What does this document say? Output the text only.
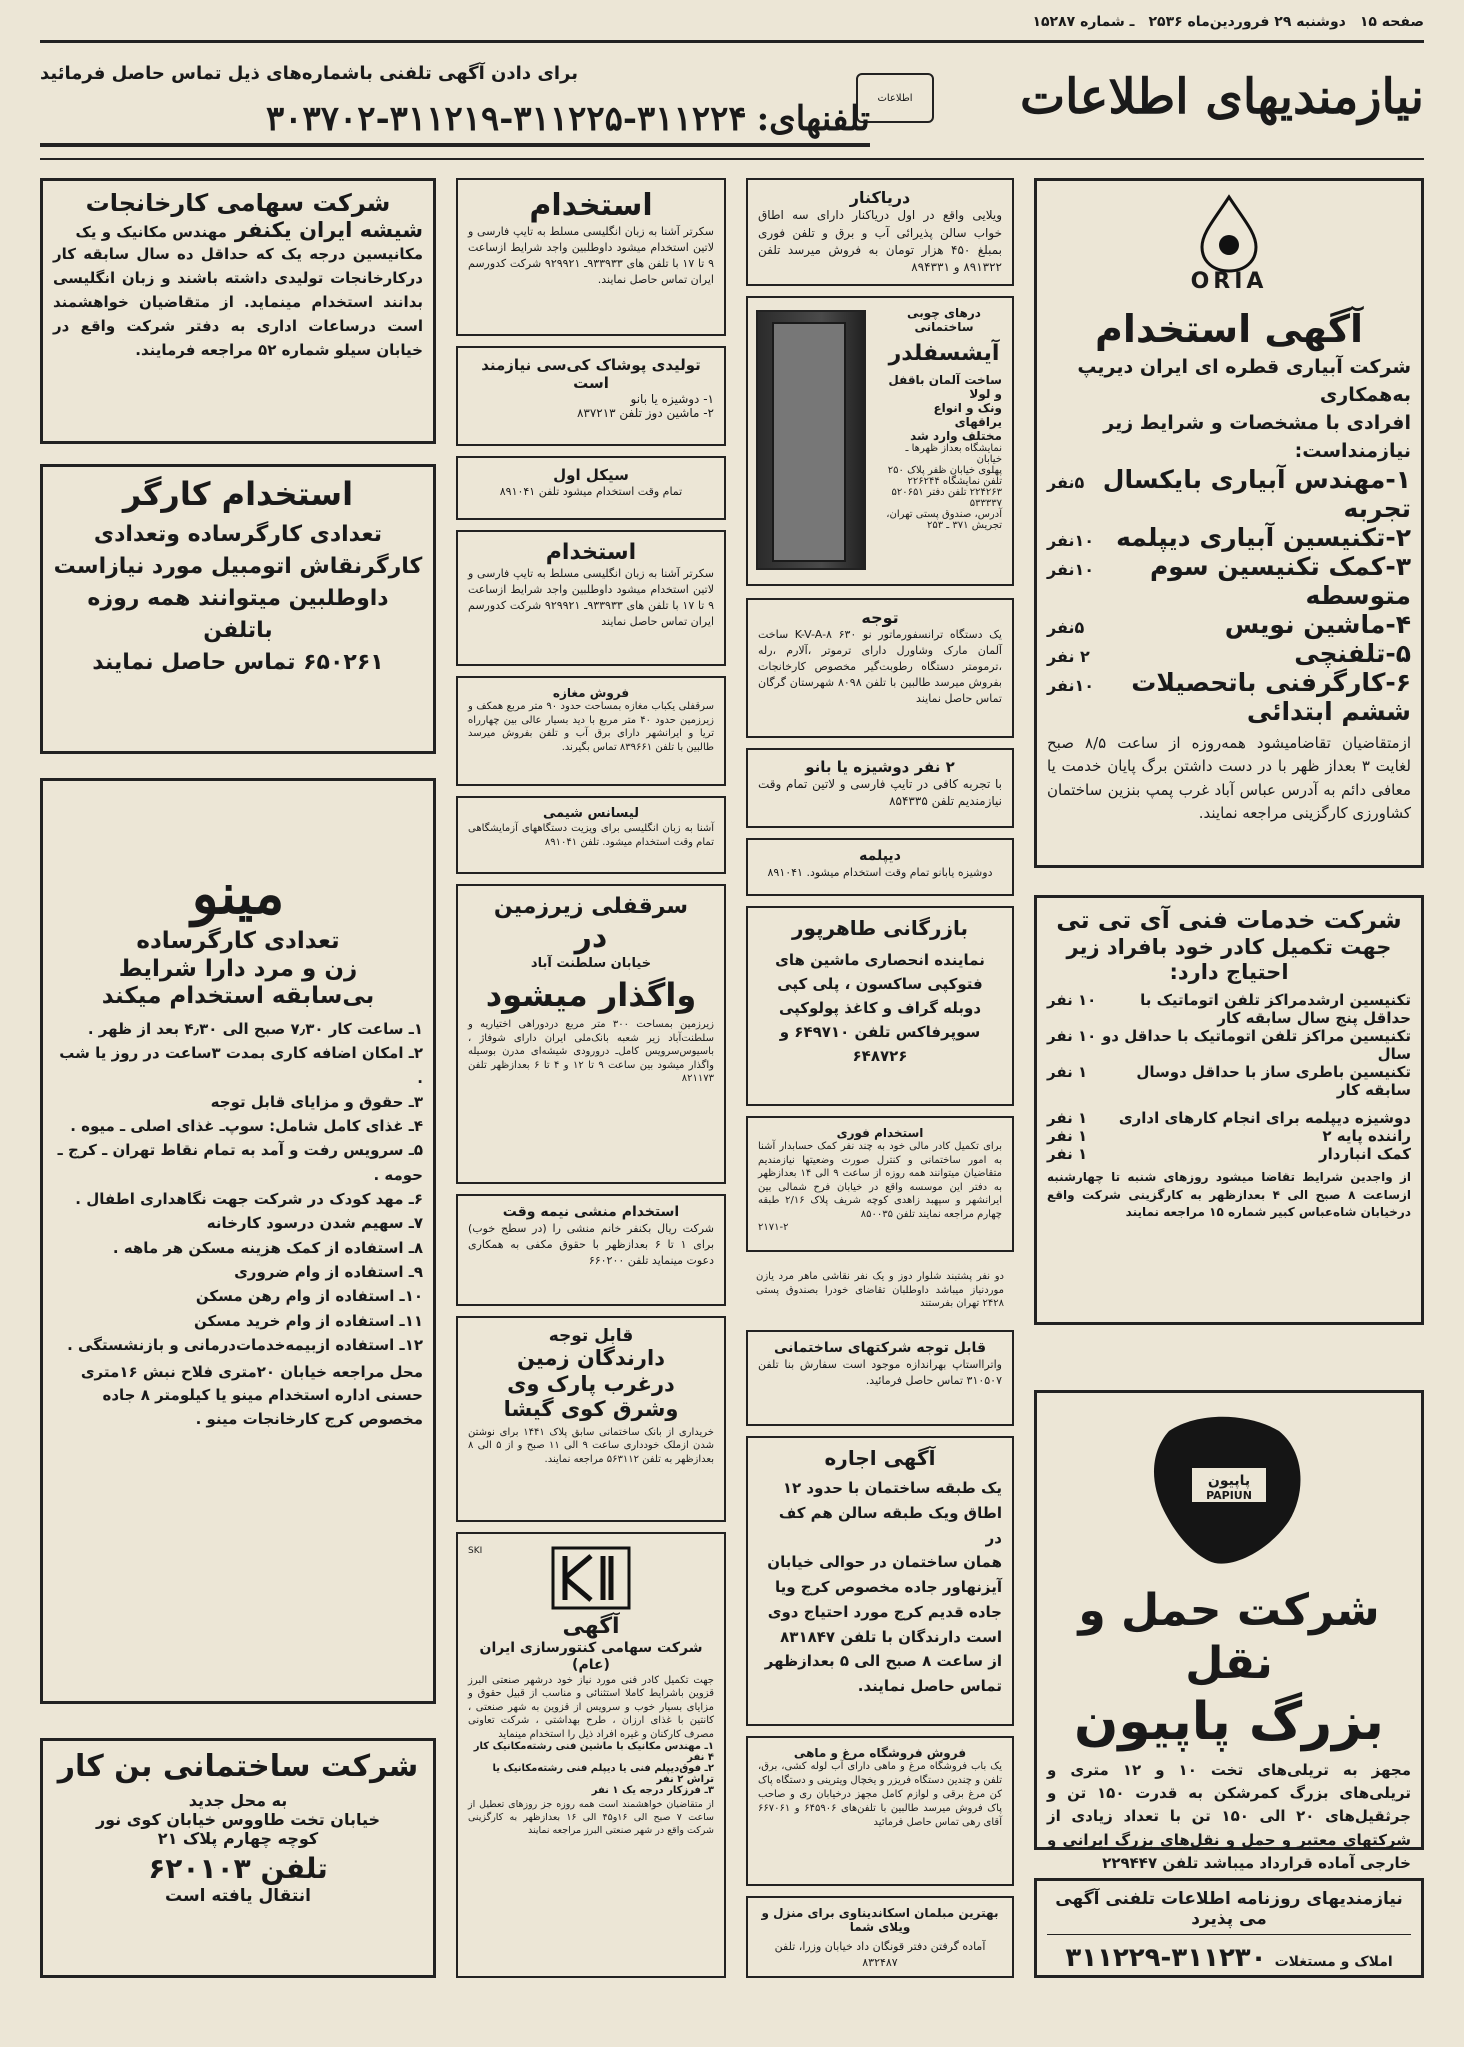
صفحه ۱۵
دوشنبه ۲۹ فروردین‌ماه ۲۵۳۶
ـ شماره ۱۵۲۸۷
نیازمندیهای اطلاعات
اطلاعات
برای دادن آگهی تلفنی باشماره‌های ذیل تماس حاصل فرمائید
تلفنهای:
۳۰۳۷۰۲-۳۱۱۲۱۹-۳۱۱۲۲۵-۳۱۱۲۲۴
ORIA
آگهی استخدام
شرکت آبیاری قطره ای ایران دیریپ به‌همکاری
افرادی با مشخصات و شرایط زیر نیازمنداست:
۱-مهندس آبیاری بایکسال تجربه
۵نفر
۲-تکنیسین آبیاری دیپلمه
۱۰نفر
۳-کمک تکنیسین سوم متوسطه
۱۰نفر
۴-ماشین نویس
۵نفر
۵-تلفنچی
۲ نفر
۶-کارگرفنی باتحصیلات ششم ابتدائی
۱۰نفر
ازمتقاضیان تقاضامیشود همه‌روزه از ساعت ۸/۵ صبح لغایت ۳ بعداز ظهر با در دست داشتن برگ پایان خدمت یا معافی دائم به آدرس عباس آباد غرب پمپ بنزین ساختمان کشاورزی کارگزینی مراجعه نمایند.
شرکت خدمات فنی آی تی تی
جهت تکمیل کادر خود بافراد زیر
احتیاج دارد:
تکنیسین ارشدمراکز تلفن اتوماتیک با حداقل پنج سال سابقه کار
۱۰ نفر
تکنیسین مراکز تلفن اتوماتیک با حداقل دو سال
۱۰ نفر
تکنیسین باطری ساز با حداقل دوسال سابقه کار
۱ نفر
دوشیزه دیپلمه برای انجام کارهای اداری
۱ نفر
راننده پایه ۲
۱ نفر
کمک انباردار
۱ نفر
از واجدین شرایط تقاضا میشود روزهای شنبه تا چهارشنبه ازساعت ۸ صبح الی ۴ بعدازظهر به کارگزینی شرکت واقع درخیابان شاه‌عباس کبیر شماره ۱۵ مراجعه نمایند
پاپیون
PAPIUN
شرکت حمل و نقل
بزرگ پاپیون
مجهز به تریلی‌های تخت ۱۰ و ۱۲ متری و تریلی‌های بزرگ کمرشکن به قدرت ۱۵۰ تن و جرثقیل‌های ۲۰ الی ۱۵۰ تن با تعداد زیادی از شرکتهای معتبر و حمل و نقل‌های بزرگ ایرانی و خارجی آماده قرارداد میباشد تلفن ۲۲۹۴۴۷
نیازمندیهای روزنامه اطلاعات تلفنی آگهی می پذیرد
املاک و مستغلات
۳۱۱۲۲۹-۳۱۱۲۳۰
دریاکنار
ویلایی واقع در اول دریاکنار دارای سه اطاق خواب سالن پذیرائی آب و برق و تلفن فوری بمبلغ ۴۵۰ هزار تومان به فروش میرسد تلفن ۸۹۱۳۲۲ و ۸۹۴۳۳۱
درهای چوبی ساختمانی
آیشسفلدر
ساخت آلمان باقفل و لولا
ونک و انواع یراقهای
مختلف وارد شد
نمایشگاه بعداز ظهرها ـ خیابان
پهلوی خیابان ظفر پلاک ۲۵۰
تلفن نمایشگاه ۲۲۶۲۴۴
۲۲۴۲۶۳ تلفن دفتر ۵۲۰۶۵۱
۵۳۳۳۳۷
آدرس، صندوق پستی تهران،
تجریش ۳۷۱ ـ ۲۵۳
توجه
یک دستگاه ترانسفورماتور نو ۶۳۰ K-V-A-۸ ساخت آلمان مارک وشاورل دارای ترموتر ،آلارم ،رله ،ترمومتر دستگاه رطوبت‌گیر مخصوص کارخانجات بفروش میرسد طالبین با تلفن ۸۰۹۸ شهرستان گرگان تماس حاصل نمایند
۲ نفر دوشیزه یا بانو
با تجربه کافی در تایپ فارسی و لاتین تمام وقت نیازمندیم تلفن ۸۵۴۳۳۵
دیپلمه
دوشیزه یابانو تمام وقت استخدام میشود. ۸۹۱۰۴۱
بازرگانی طاهرپور
نماینده انحصاری ماشین های
فتوکپی ساکسون ، پلی کپی
دوبله گراف و کاغذ پولوکپی
سوپرفاکس تلفن ۶۴۹۷۱۰ و
۶۴۸۷۲۶
استخدام فوری
برای تکمیل کادر مالی خود به چند نفر کمک حسابدار آشنا به امور ساختمانی و کنترل صورت وضعیتها نیازمندیم متقاضیان میتوانند همه روزه از ساعت ۹ الی ۱۴ بعدازظهر به دفتر این موسسه واقع در خیابان فرح شمالی بین ایرانشهر و سپهبد زاهدی کوچه شریف پلاک ۲/۱۶ طبقه چهارم مراجعه نمایند تلفن ۸۵۰۰۳۵
۲۱۷۱-۲
دو نفر پشتبند شلوار دوز و یک نفر نقاشی ماهر مرد یازن موردنیاز میباشد داوطلبان تقاضای خودرا بصندوق پستی ۲۴۲۸ تهران بفرستند
قابل توجه شرکتهای ساختمانی
واترااستاپ بهراندازه موجود است سفارش بنا تلفن ۳۱۰۵۰۷ تماس حاصل فرمائید.
آگهی اجاره
یک طبقه ساختمان با حدود ۱۲
اطاق ویک طبقه سالن هم کف در
همان ساختمان در حوالی خیابان
آیزنهاور جاده مخصوص کرج ویا
جاده قدیم کرج مورد احتیاج دوی
است دارندگان با تلفن ۸۳۱۸۴۷
از ساعت ۸ صبح الی ۵ بعدازظهر
تماس حاصل نمایند.
فروش فروشگاه مرغ و ماهی
یک باب فروشگاه مرغ و ماهی دارای آب لوله کشی، برق، تلفن و چندین دستگاه فریزر و یخچال ویترینی و دستگاه پاک کن مرغ برقی و لوازم کامل مجهز درخیابان ری و صاحب پاک فروش میرسد طالبین با تلفن‌های ۶۴۵۹۰۶ و ۶۶۷۰۶۱ آقای رهی تماس حاصل فرمائید
بهترین مبلمان اسکاندیناوی برای منزل و ویلای شما
آماده گرفتن دفتر قونگان داد خیابان وزرا، تلفن ۸۳۲۴۸۷
استخدام
سکرتر آشنا به زبان انگلیسی مسلط به تایپ فارسی و لاتین استخدام میشود داوطلبین واجد شرایط ازساعت ۹ تا ۱۷ با تلفن های ۹۳۳۹۳۳ـ ۹۲۹۹۲۱ شرکت کدورسم ایران تماس حاصل نمایند.
تولیدی پوشاک کی‌سی نیازمند است
۱- دوشیزه یا بانو
۲- ماشین دوز تلفن ۸۳۷۲۱۳
سیکل اول
تمام وقت استخدام میشود تلفن ۸۹۱۰۴۱
استخدام
سکرتر آشنا به زبان انگلیسی مسلط به تایپ فارسی و لاتین استخدام میشود داوطلبین واجد شرایط ازساعت ۹ تا ۱۷ با تلفن های ۹۳۳۹۳۳ـ ۹۲۹۹۲۱ شرکت کدورسم ایران تماس حاصل نمایند
فروش مغازه
سرقفلی یکباب مغازه بمساحت حدود ۹۰ متر مربع همکف و زیرزمین حدود ۴۰ متر مربع با دید بسیار عالی بین چهارراه تریا و ایرانشهر دارای برق آب و تلفن بفروش میرسد طالبین با تلفن ۸۳۹۶۶۱ تماس بگیرند.
لیسانس شیمی
آشنا به زبان انگلیسی برای ویزیت دستگاههای آزمایشگاهی تمام وقت استخدام میشود. تلفن ۸۹۱۰۴۱
سرقفلی زیرزمین
در
خیابان سلطنت آباد
واگذار میشود
زیرزمین بمساحت ۳۰۰ متر مربع دردوراهی اختیاریه و سلطنت‌آباد زیر شعبه بانک‌ملی ایران دارای شوفاژ ، باسیوس‌سرویس کامل‌ـ درورودی شیشه‌ای مدرن بوسیله واگذار میشود بین ساعت ۹ تا ۱۲ و ۴ تا ۶ بعدازظهر تلفن ۸۲۱۱۷۳
استخدام منشی نیمه وقت
شرکت ریال بکنفر خانم منشی را (در سطح خوب) برای ۱ تا ۶ بعدازظهر با حقوق مکفی به همکاری دعوت مینماید تلفن ۶۶۰۲۰۰
قابل توجه
دارندگان زمین
درغرب پارک وی
وشرق کوی گیشا
خریداری از بانک ساختمانی سابق پلاک ۱۴۴۱ برای نوشتن شدن ازملک خودداری ساعت ۹ الی ۱۱ صبح و از ۵ الی ۸ بعدازظهر به تلفن ۵۶۳۱۱۲ مراجعه نمایند.
SKI
آگهی
شرکت سهامی کنتورسازی ایران (عام)
جهت تکمیل کادر فنی مورد نیاز خود درشهر صنعتی البرز قزوین باشرایط کاملا استثنائی و مناسب از قبیل حقوق و مزایای بسیار خوب و سرویس از قزوین به شهر صنعتی ، کانتین با غذای ارزان ، طرح بهداشتی ، شرکت تعاونی مصرف کارکنان و غیره افراد ذیل را استخدام مینماید
۱ـ مهندس مکانیک با ماشین فنی رشته‌مکانیک کار ۴ نفر
۲ـ فوق‌دیپلم فنی یا دیپلم فنی رشته‌مکانیک یا تراش ۲ نفر
۳ـ فرزکار درجه یک ۱ نفر
از متقاضیان خواهشمند است همه روزه جز روزهای تعطیل از ساعت ۷ صبح الی ۱۶و۴۵ الی ۱۶ بعدازظهر به کارگزینی شرکت واقع در شهر صنعتی البرز مراجعه نمایند
شرکت سهامی کارخانجات
شیشه ایران یکنفر
مهندس مکانیک و یک
مکانیسین درجه یک که حداقل ده سال سابقه کار درکارخانجات تولیدی داشته باشند و زبان انگلیسی بدانند استخدام مینماید. از متقاضیان خواهشمند است درساعات اداری به دفتر شرکت واقع در خیابان سیلو شماره ۵۲ مراجعه فرمایند.
استخدام کارگر
تعدادی کارگرساده وتعدادی
کارگرنقاش اتومبیل مورد نیازاست
داوطلبین میتوانند همه روزه باتلفن
۶۵۰۲۶۱ تماس حاصل نمایند
مینو
تعدادی کارگرساده
زن و مرد دارا شرایط
بی‌سابقه استخدام میکند
۱ـ ساعت کار ۷٫۳۰ صبح الی ۴٫۳۰ بعد از ظهر .
۲ـ امکان اضافه کاری بمدت ۳ساعت در روز یا شب .
۳ـ حقوق و مزایای قابل توجه
۴ـ غذای کامل شامل: سوپ‌ـ غذای اصلی ـ میوه .
۵ـ سرویس رفت و آمد به تمام نقاط تهران ـ کرج ـ حومه .
۶ـ مهد کودک در شرکت جهت نگاهداری اطفال .
۷ـ سهیم شدن درسود کارخانه
۸ـ استفاده از کمک هزینه مسکن هر ماهه .
۹ـ استفاده از وام ضروری
۱۰ـ استفاده از وام رهن مسکن
۱۱ـ استفاده از وام خرید مسکن
۱۲ـ استفاده ازبیمه‌خدمات‌درمانی و بازنشستگی .
محل مراجعه خیابان ۲۰متری فلاح نبش ۱۶متری حسنی اداره استخدام مینو یا کیلومتر ۸ جاده مخصوص کرج کارخانجات مینو .
شرکت ساختمانی بن کار
به محل جدید
خیابان تخت طاووس خیابان کوی نور
کوچه چهارم پلاک ۲۱
تلفن ۶۲۰۱۰۳
انتقال یافته است
